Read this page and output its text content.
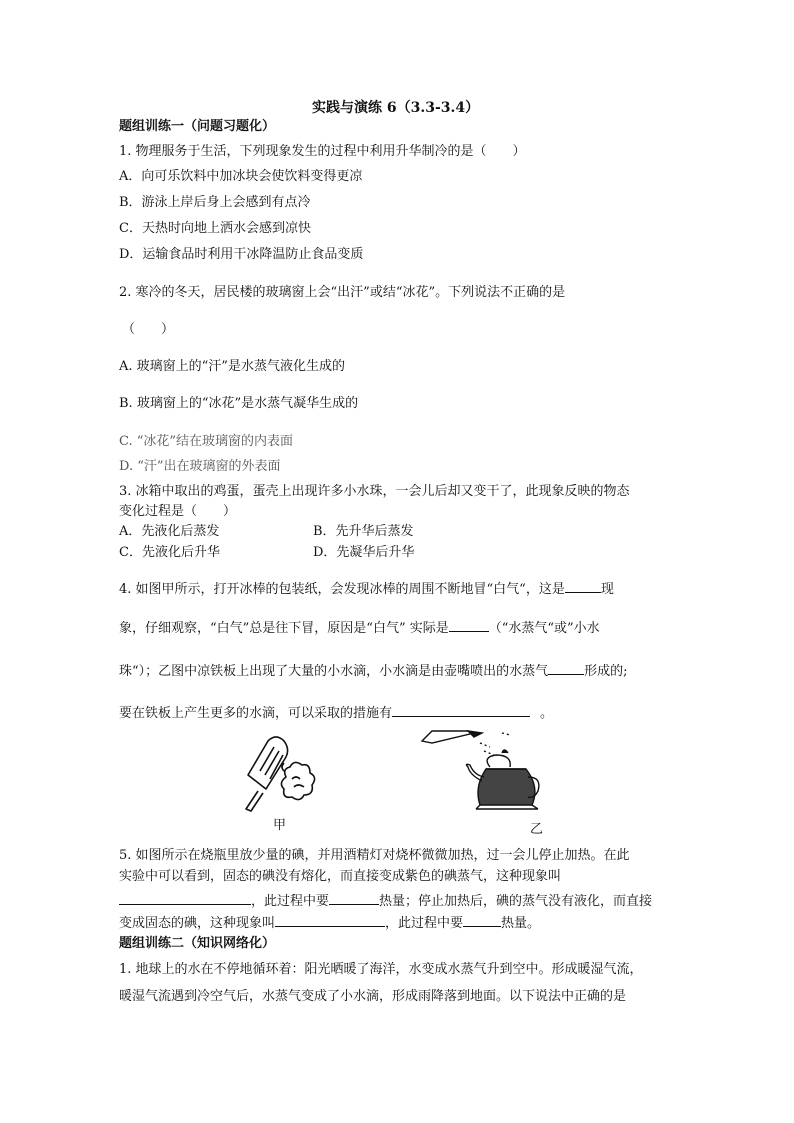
实践与演练 6（3.3-3.4）
题组训练一（问题习题化）
1. 物理服务于生活，下列现象发生的过程中利用升华制冷的是（　　）
A．向可乐饮料中加冰块会使饮料变得更凉
B．游泳上岸后身上会感到有点冷
C．天热时向地上洒水会感到凉快
D．运输食品时利用干冰降温防止食品变质
2. 寒冷的冬天，居民楼的玻璃窗上会“出汗”或结“冰花”。下列说法不正确的是
（　　）
A. 玻璃窗上的“汗”是水蒸气液化生成的
B. 玻璃窗上的“冰花”是水蒸气凝华生成的
C. “冰花”结在玻璃窗的内表面
D. “汗”出在玻璃窗的外表面
3. 冰箱中取出的鸡蛋，蛋壳上出现许多小水珠，一会儿后却又变干了，此现象反映的物态
变化过程是（　　）
A．先液化后蒸发	B．先升华后蒸发
C．先液化后升华	D．先凝华后升华
4. 如图甲所示，打开冰棒的包装纸，会发现冰棒的周围不断地冒“白气“，这是	现
象，仔细观察，“白气”总是往下冒，原因是“白气” 实际是	（“水蒸气“或”小水
珠“）；乙图中凉铁板上出现了大量的小水滴，小水滴是由壶嘴喷出的水蒸气	形成的;
要在铁板上产生更多的水滴，可以采取的措施有	。
甲	乙
5. 如图所示在烧瓶里放少量的碘，并用酒精灯对烧杯微微加热，过一会儿停止加热。在此
实验中可以看到，固态的碘没有熔化，而直接变成紫色的碘蒸气，这种现象叫
，此过程中要	热量；停止加热后，碘的蒸气没有液化，而直接
变成固态的碘，这种现象叫	，此过程中要	热量。
题组训练二（知识网络化）
1. 地球上的水在不停地循环着：阳光晒暖了海洋，水变成水蒸气升到空中。形成暖湿气流，
暖湿气流遇到冷空气后，水蒸气变成了小水滴，形成雨降落到地面。以下说法中正确的是
